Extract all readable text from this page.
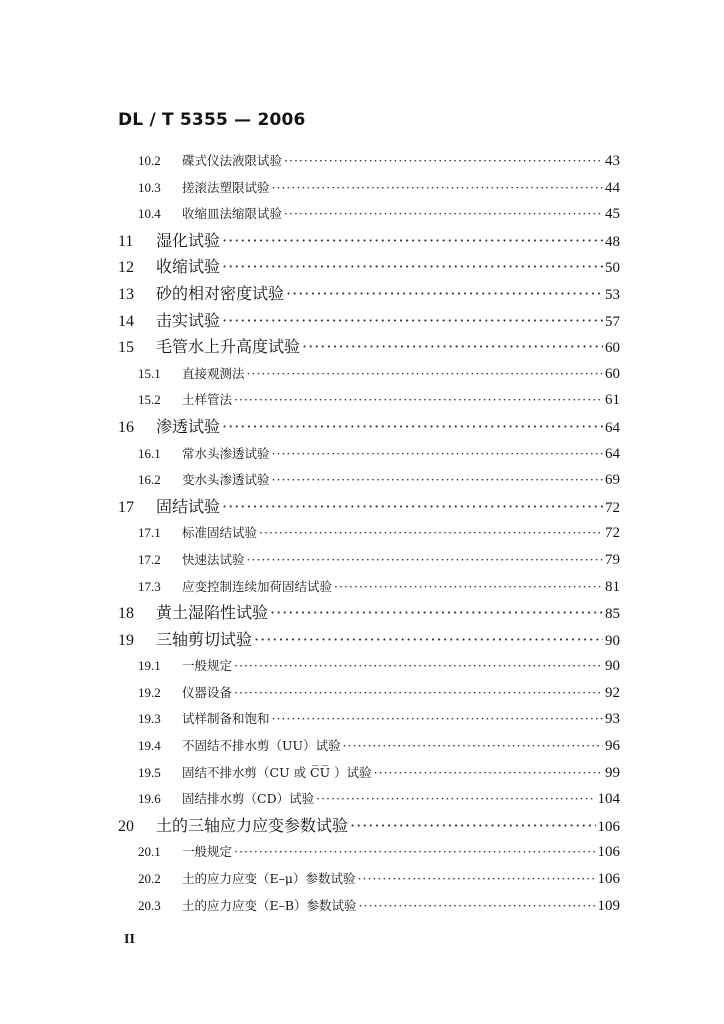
DL / T 5355 — 2006
10.2	碟式仪法液限试验 ·····	43
10.3	搓滚法塑限试验 ·····	44
10.4	收缩皿法缩限试验 ·····	45
11	湿化试验 ·····	48
12	收缩试验 ·····	50
13	砂的相对密度试验 ·····	53
14	击实试验 ·····	57
15	毛管水上升高度试验 ·····	60
15.1	直接观测法 ·····	60
15.2	土样管法 ·····	61
16	渗透试验 ·····	64
16.1	常水头渗透试验 ·····	64
16.2	变水头渗透试验 ·····	69
17	固结试验 ·····	72
17.1	标准固结试验 ·····	72
17.2	快速法试验 ·····	79
17.3	应变控制连续加荷固结试验 ·····	81
18	黄土湿陷性试验 ·····	85
19	三轴剪切试验 ·····	90
19.1	一般规定 ·····	90
19.2	仪器设备 ·····	92
19.3	试样制备和饱和 ·····	93
19.4	不固结不排水剪（UU）试验 ·····	96
19.5	固结不排水剪（CU 或 C̅U̅ ）试验 ·····	99
19.6	固结排水剪（CD）试验 ·····	104
20	土的三轴应力应变参数试验 ·····	106
20.1	一般规定 ·····	106
20.2	土的应力应变（E–μ）参数试验 ·····	106
20.3	土的应力应变（E–B）参数试验 ·····	109
II
